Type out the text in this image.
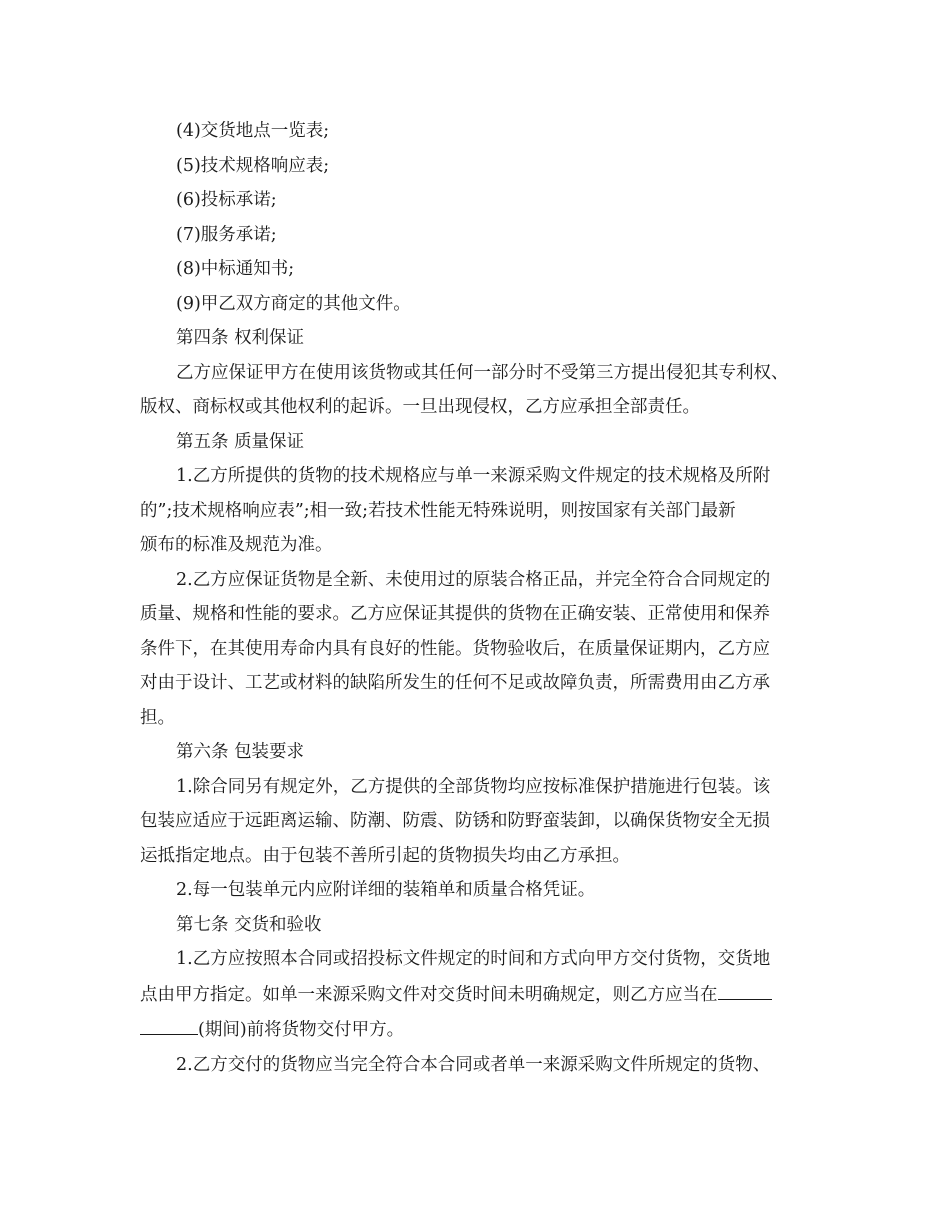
(4)交货地点一览表;

(5)技术规格响应表;

(6)投标承诺;

(7)服务承诺;

(8)中标通知书;

(9)甲乙双方商定的其他文件。

第四条 权利保证

乙方应保证甲方在使用该货物或其任何一部分时不受第三方提出侵犯其专利权、

版权、商标权或其他权利的起诉。一旦出现侵权，乙方应承担全部责任。

第五条 质量保证

1.乙方所提供的货物的技术规格应与单一来源采购文件规定的技术规格及所附

的”;技术规格响应表”;相一致;若技术性能无特殊说明，则按国家有关部门最新

颁布的标准及规范为准。

2.乙方应保证货物是全新、未使用过的原装合格正品，并完全符合合同规定的

质量、规格和性能的要求。乙方应保证其提供的货物在正确安装、正常使用和保养

条件下，在其使用寿命内具有良好的性能。货物验收后，在质量保证期内，乙方应

对由于设计、工艺或材料的缺陷所发生的任何不足或故障负责，所需费用由乙方承

担。

第六条 包装要求

1.除合同另有规定外，乙方提供的全部货物均应按标准保护措施进行包装。该

包装应适应于远距离运输、防潮、防震、防锈和防野蛮装卸，以确保货物安全无损

运抵指定地点。由于包装不善所引起的货物损失均由乙方承担。

2.每一包装单元内应附详细的装箱单和质量合格凭证。

第七条 交货和验收

1.乙方应按照本合同或招投标文件规定的时间和方式向甲方交付货物，交货地

点由甲方指定。如单一来源采购文件对交货时间未明确规定，则乙方应当在

(期间)前将货物交付甲方。

2.乙方交付的货物应当完全符合本合同或者单一来源采购文件所规定的货物、
